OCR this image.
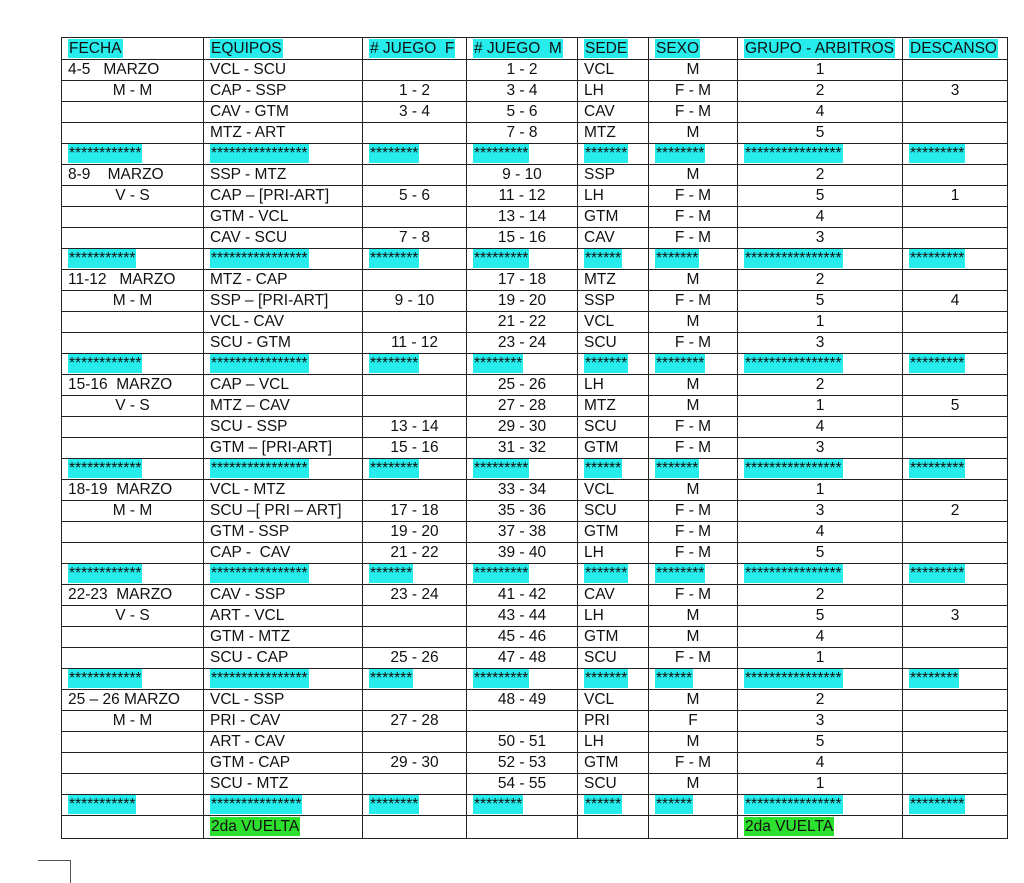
FECHA	EQUIPOS	# JUEGO  F	# JUEGO  M	SEDE	SEXO	GRUPO - ARBITROS	DESCANSO
4-5   MARZO	VCL - SCU		1 - 2	VCL	M	1	
M - M	CAP - SSP	1 - 2	3 - 4	LH	F - M	2	3
	CAV - GTM	3 - 4	5 - 6	CAV	F - M	4	
	MTZ - ART		7 - 8	MTZ	M	5	
************	****************	********	*********	*******	********	****************	*********
8-9    MARZO	SSP - MTZ		9 - 10	SSP	M	2	
V - S	CAP – [PRI-ART]	5 - 6	11 - 12	LH	F - M	5	1
	GTM - VCL		13 - 14	GTM	F - M	4	
	CAV - SCU	7 - 8	15 - 16	CAV	F - M	3	
***********	****************	********	*********	******	*******	****************	*********
11-12   MARZO	MTZ - CAP		17 - 18	MTZ	M	2	
M - M	SSP – [PRI-ART]	9 - 10	19 - 20	SSP	F - M	5	4
	VCL - CAV		21 - 22	VCL	M	1	
	SCU - GTM	11 - 12	23 - 24	SCU	F - M	3	
************	****************	********	********	*******	********	****************	*********
15-16  MARZO	CAP – VCL		25 - 26	LH	M	2	
V - S	MTZ – CAV		27 - 28	MTZ	M	1	5
	SCU - SSP	13 - 14	29 - 30	SCU	F - M	4	
	GTM – [PRI-ART]	15 - 16	31 - 32	GTM	F - M	3	
************	****************	********	*********	******	*******	****************	*********
18-19  MARZO	VCL - MTZ		33 - 34	VCL	M	1	
M - M	SCU –[ PRI – ART]	17 - 18	35 - 36	SCU	F - M	3	2
	GTM - SSP	19 - 20	37 - 38	GTM	F - M	4	
	CAP -  CAV	21 - 22	39 - 40	LH	F - M	5	
************	****************	*******	*********	*******	********	****************	*********
22-23  MARZO	CAV - SSP	23 - 24	41 - 42	CAV	F - M	2	
V - S	ART - VCL		43 - 44	LH	M	5	3
	GTM - MTZ		45 - 46	GTM	M	4	
	SCU - CAP	25 - 26	47 - 48	SCU	F - M	1	
************	****************	*******	*********	*******	******	****************	********
25 – 26 MARZO	VCL - SSP		48 - 49	VCL	M	2	
M - M	PRI - CAV	27 - 28		PRI	F	3	
	ART - CAV		50 - 51	LH	M	5	
	GTM - CAP	29 - 30	52 - 53	GTM	F - M	4	
	SCU - MTZ		54 - 55	SCU	M	1	
***********	***************	********	********	******	******	****************	*********
	2da VUELTA					2da VUELTA	
